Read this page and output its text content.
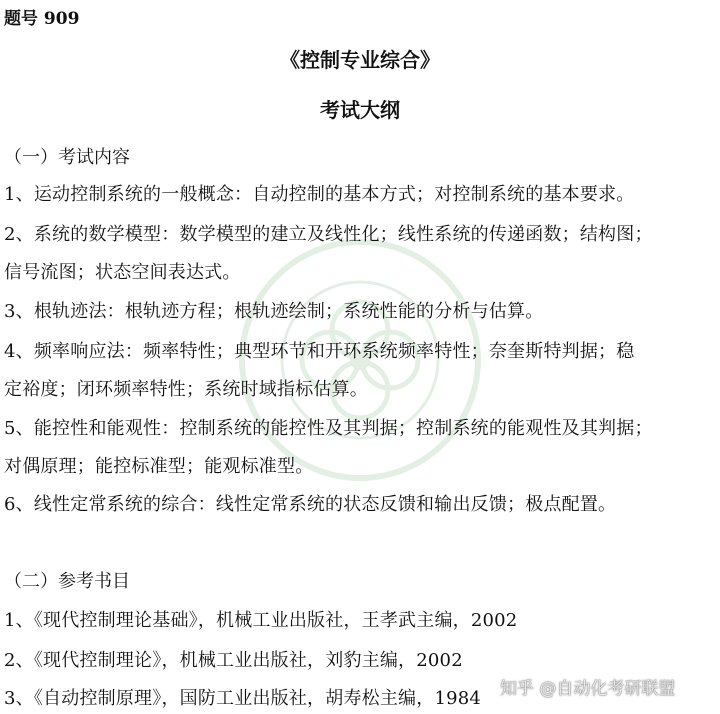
题号 909
《控制专业综合》
考试大纲
（一）考试内容
1、运动控制系统的一般概念：自动控制的基本方式；对控制系统的基本要求。
2、系统的数学模型：数学模型的建立及线性化；线性系统的传递函数；结构图；
信号流图；状态空间表达式。
3、根轨迹法：根轨迹方程；根轨迹绘制；系统性能的分析与估算。
4、频率响应法：频率特性；典型环节和开环系统频率特性；奈奎斯特判据；稳
定裕度；闭环频率特性；系统时域指标估算。
5、能控性和能观性：控制系统的能控性及其判据；控制系统的能观性及其判据；
对偶原理；能控标准型；能观标准型。
6、线性定常系统的综合：线性定常系统的状态反馈和输出反馈；极点配置。
（二）参考书目
1、《现代控制理论基础》，机械工业出版社，王孝武主编，2002
2、《现代控制理论》，机械工业出版社，刘豹主编，2002
3、《自动控制原理》，国防工业出版社，胡寿松主编，1984 知乎 @自动化考研联盟
